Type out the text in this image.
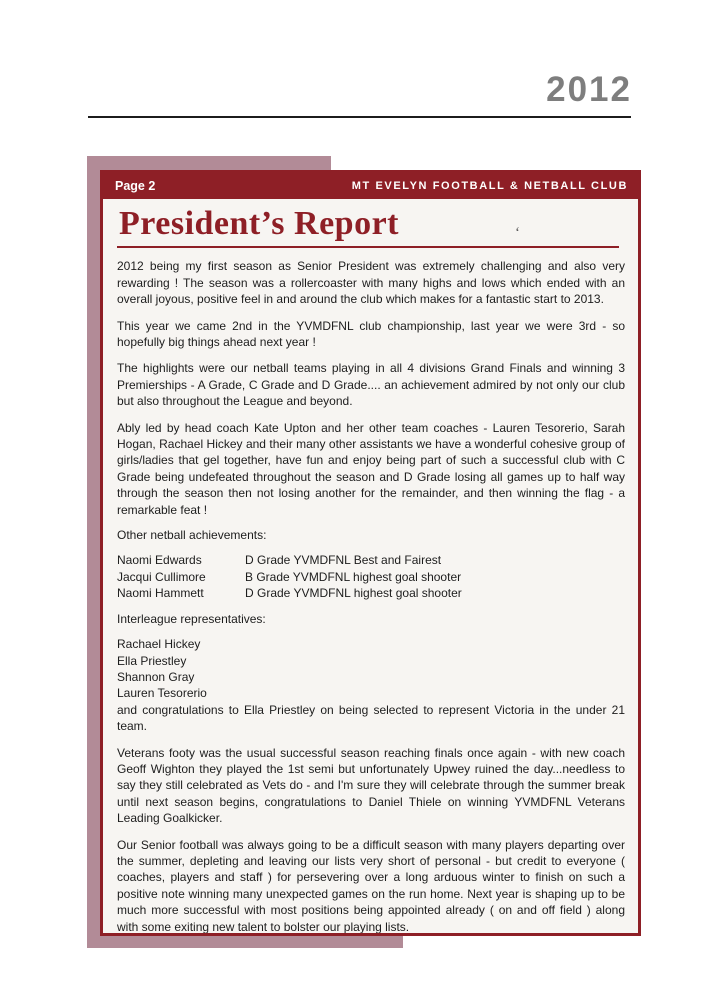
2012
Page 2	MT EVELYN FOOTBALL & NETBALL CLUB
‘
President’s Report

2012 being my first season as Senior President was extremely challenging and also very rewarding ! The season was a rollercoaster with many highs and lows which ended with an overall joyous, positive feel in and around the club which makes for a fantastic start to 2013.

This year we came 2nd in the YVMDFNL club championship, last year we were 3rd - so hopefully big things ahead next year !

The highlights were our netball teams playing in all 4 divisions Grand Finals and winning 3 Premierships - A Grade, C Grade and D Grade.... an achievement admired by not only our club but also throughout the League and beyond.

Ably led by head coach Kate Upton and her other team coaches - Lauren Tesorerio, Sarah Hogan, Rachael Hickey and their many other assistants we have a wonderful cohesive group of girls/ladies that gel together, have fun and enjoy being part of such a successful club with C Grade being undefeated throughout the season and D Grade losing all games up to half way through the season then not losing another for the remainder, and then winning the flag - a remarkable feat !

Other netball achievements:

Naomi Edwards	D Grade YVMDFNL Best and Fairest
Jacqui Cullimore	B Grade YVMDFNL highest goal shooter
Naomi Hammett	D Grade YVMDFNL highest goal shooter

Interleague representatives:

Rachael Hickey
Ella Priestley
Shannon Gray
Lauren Tesorerio

and congratulations to Ella Priestley on being selected to represent Victoria in the under 21 team.

Veterans footy was the usual successful season reaching finals once again - with new coach Geoff Wighton they played the 1st semi but unfortunately Upwey ruined the day...needless to say they still celebrated as Vets do - and I'm sure they will celebrate through the summer break until next season begins, congratulations to Daniel Thiele on winning YVMDFNL Veterans Leading Goalkicker.

Our Senior football was always going to be a difficult season with many players departing over the summer, depleting and leaving our lists very short of personal - but credit to everyone ( coaches, players and staff ) for persevering over a long arduous winter to finish on such a positive note winning many unexpected games on the run home. Next year is shaping up to be much more successful with most positions being appointed already ( on and off field ) along with some exiting new talent to bolster our playing lists.
